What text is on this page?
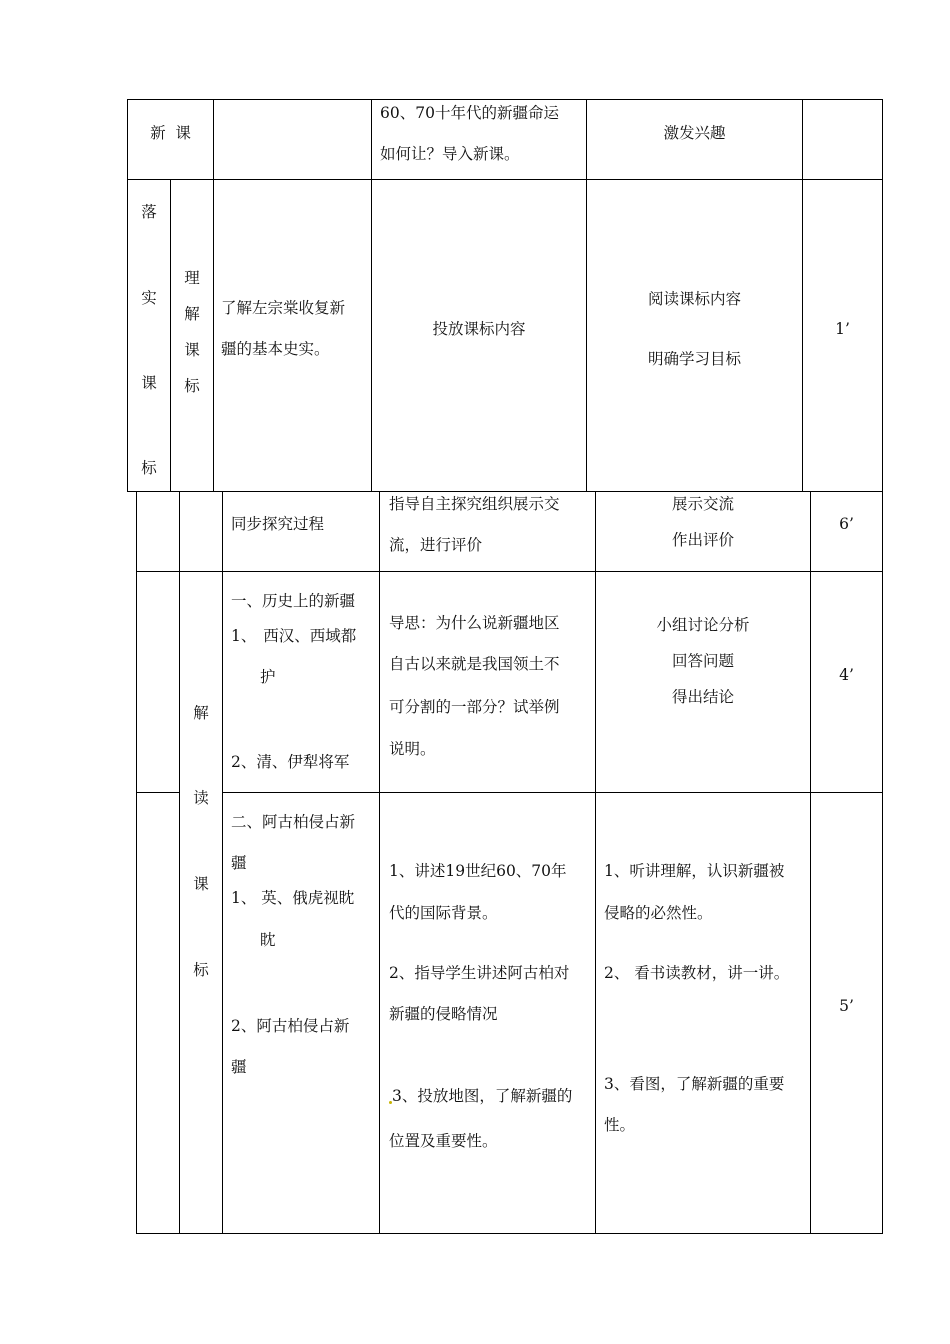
新  课
60、70十年代的新疆命运
如何让？导入新课。
激发兴趣
落
实
课
标
理
解
课
标
了解左宗棠收复新
疆的基本史实。
投放课标内容
阅读课标内容
明确学习目标
1’
同步探究过程
指导自主探究组织展示交
流，进行评价
展示交流
作出评价
6’
解
读
课
标
一、历史上的新疆
1、 西汉、西域都
护
2、清、伊犁将军
导思：为什么说新疆地区
自古以来就是我国领土不
可分割的一部分？试举例
说明。
小组讨论分析
回答问题
得出结论
4’
二、阿古柏侵占新
疆
1、 英、俄虎视眈
眈
2、阿古柏侵占新
疆
1、讲述19世纪60、70年
代的国际背景。
2、指导学生讲述阿古柏对
新疆的侵略情况
3、投放地图，了解新疆的
位置及重要性。
1、听讲理解，认识新疆被
侵略的必然性。
2、 看书读教材，讲一讲。
3、看图，了解新疆的重要
性。
5’
